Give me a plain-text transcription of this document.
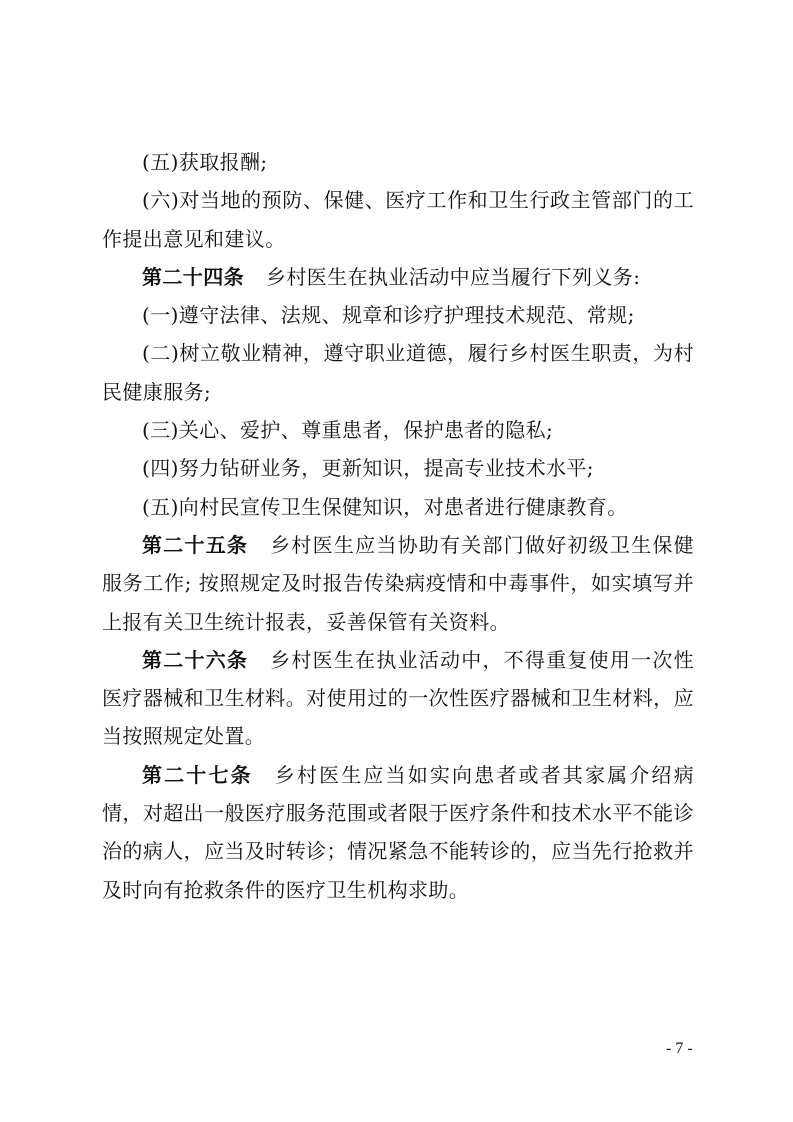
(五)获取报酬;

(六)对当地的预防、保健、医疗工作和卫生行政主管部门的工作提出意见和建议。

第二十四条 乡村医生在执业活动中应当履行下列义务:

(一)遵守法律、法规、规章和诊疗护理技术规范、常规;

(二)树立敬业精神，遵守职业道德，履行乡村医生职责，为村民健康服务;

(三)关心、爱护、尊重患者，保护患者的隐私;

(四)努力钻研业务，更新知识，提高专业技术水平;

(五)向村民宣传卫生保健知识，对患者进行健康教育。

第二十五条 乡村医生应当协助有关部门做好初级卫生保健服务工作; 按照规定及时报告传染病疫情和中毒事件，如实填写并上报有关卫生统计报表，妥善保管有关资料。

第二十六条 乡村医生在执业活动中，不得重复使用一次性医疗器械和卫生材料。对使用过的一次性医疗器械和卫生材料，应当按照规定处置。

第二十七条 乡村医生应当如实向患者或者其家属介绍病情，对超出一般医疗服务范围或者限于医疗条件和技术水平不能诊治的病人，应当及时转诊；情况紧急不能转诊的，应当先行抢救并及时向有抢救条件的医疗卫生机构求助。

- 7 -
